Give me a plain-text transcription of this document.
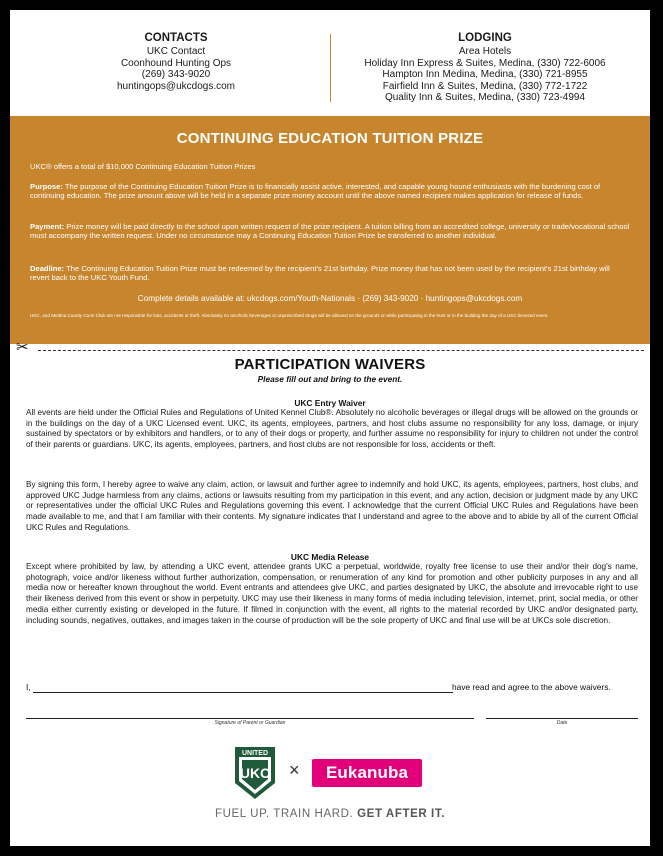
CONTACTS
UKC Contact
Coonhound Hunting Ops
(269) 343-9020
huntingops@ukcdogs.com
LODGING
Area Hotels
Holiday Inn Express & Suites, Medina, (330) 722-6006
Hampton Inn Medina, Medina, (330) 721-8955
Fairfield Inn & Suites, Medina, (330) 772-1722
Quality Inn & Suites, Medina, (330) 723-4994
CONTINUING EDUCATION TUITION PRIZE

UKC® offers a total of $10,000 Continuing Education Tuition Prizes

Purpose: The purpose of the Continuing Education Tuition Prize is to financially assist active, interested, and capable young hound enthusiasts with the burdening cost of continuing education. The prize amount above will be held in a separate prize money account until the above named recipient makes application for release of funds.

Payment: Prize money will be paid directly to the school upon written request of the prize recipient. A tuition billing from an accredited college, university or trade/vocational school must accompany the written request. Under no circumstance may a Continuing Education Tuition Prize be transferred to another individual.

Deadline: The Continuing Education Tuition Prize must be redeemed by the recipient's 21st birthday. Prize money that has not been used by the recipient's 21st birthday will revert back to the UKC Youth Fund.

Complete details available at: ukcdogs.com/Youth-Nationals · (269) 343-9020 · huntingops@ukcdogs.com

UKC, and Medina County Coon Club are not responsible for loss, accidents or theft. Absolutely no alcoholic beverages or unprescribed drugs will be allowed on the grounds or while participating in the hunt or in the building the day of a UKC licensed event.

✂
PARTICIPATION WAIVERS
Please fill out and bring to the event.
UKC Entry Waiver

All events are held under the Official Rules and Regulations of United Kennel Club®. Absolutely no alcoholic beverages or illegal drugs will be allowed on the grounds or in the buildings on the day of a UKC Licensed event. UKC, its agents, employees, partners, and host clubs assume no responsibility for any loss, damage, or injury sustained by spectators or by exhibitors and handlers, or to any of their dogs or property, and further assume no responsibility for injury to children not under the control of their parents or guardians. UKC, its agents, employees, partners, and host clubs are not responsible for loss, accidents or theft.

By signing this form, I hereby agree to waive any claim, action, or lawsuit and further agree to indemnify and hold UKC, its agents, employees, partners, host clubs, and approved UKC Judge harmless from any claims, actions or lawsuits resulting from my participation in this event, and any action, decision or judgment made by any UKC or representatives under the official UKC Rules and Regulations governing this event. I acknowledge that the current Official UKC Rules and Regulations have been made available to me, and that I am familiar with their contents. My signature indicates that I understand and agree to the above and to abide by all of the current Official UKC Rules and Regulations.

UKC Media Release

Except where prohibited by law, by attending a UKC event, attendee grants UKC a perpetual, worldwide, royalty free license to use their and/or their dog's name, photograph, voice and/or likeness without further authorization, compensation, or renumeration of any kind for promotion and other publicity purposes in any and all media now or hereafter known throughout the world. Event entrants and attendees give UKC, and parties designated by UKC, the absolute and irrevocable right to use their likeness derived from this event or show in perpetuity. UKC may use their likeness in many forms of media including television, internet, print, social media, or other media either currently existing or developed in the future. If filmed in conjunction with the event, all rights to the material recorded by UKC and/or designated party, including sounds, negatives, outtakes, and images taken in the course of production will be the sole property of UKC and final use will be at UKCs sole discretion.

I,	have read and agree to the above waivers.
Signature of Parent or Guardian	Date
UNITED
UKC ×	Eukanuba
FUEL UP. TRAIN HARD. GET AFTER IT.
